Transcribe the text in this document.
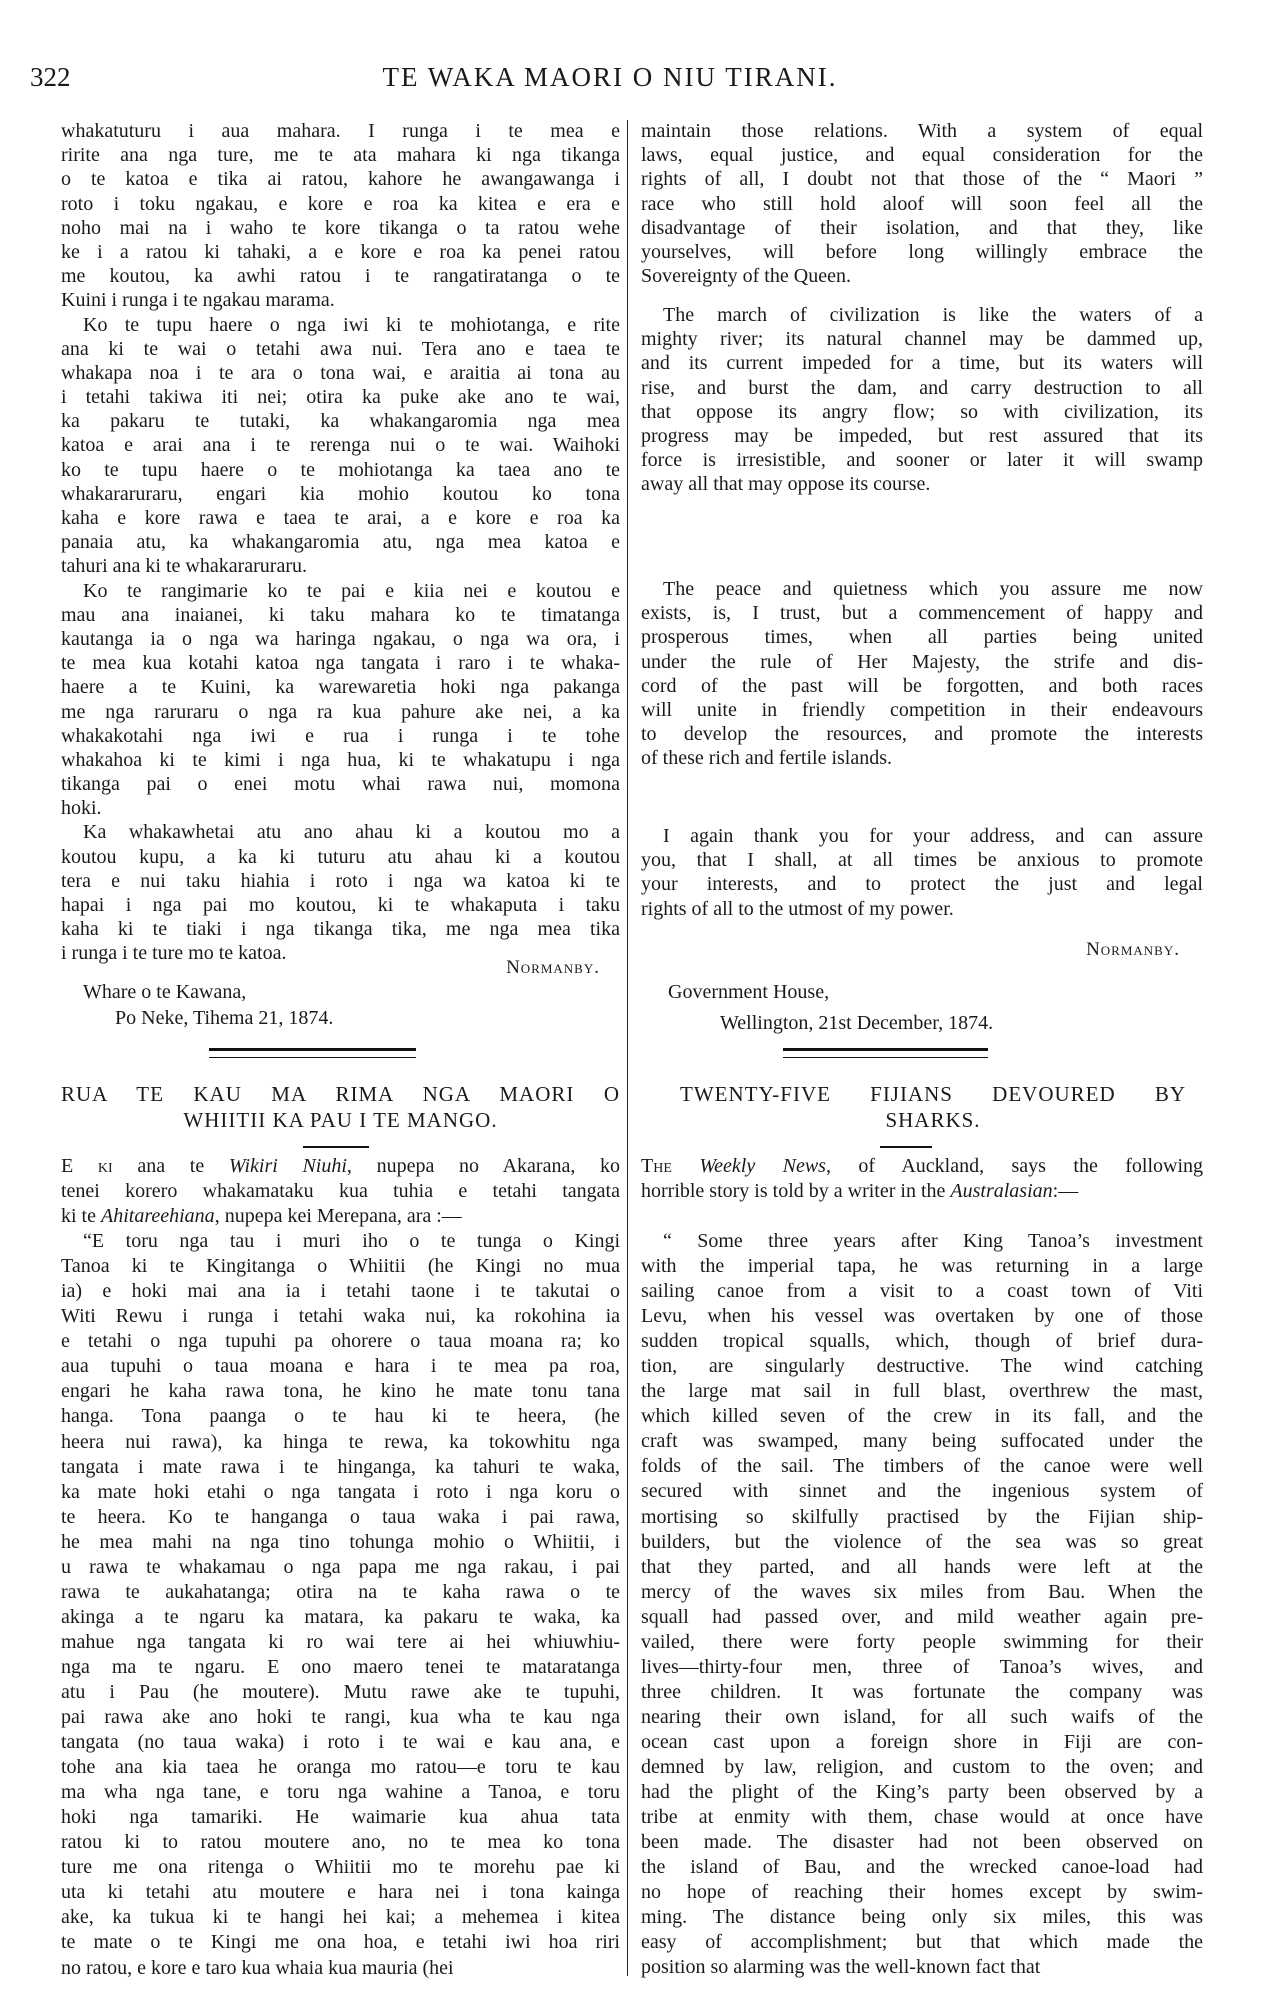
322	TE WAKA MAORI O NIU TIRANI.
whakatuturu i aua mahara. I runga i te mea e
ririte ana nga ture, me te ata mahara ki nga tikanga
o te katoa e tika ai ratou, kahore he awangawanga i
roto i toku ngakau, e kore e roa ka kitea e era e
noho mai na i waho te kore tikanga o ta ratou wehe
ke i a ratou ki tahaki, a e kore e roa ka penei ratou
me koutou, ka awhi ratou i te rangatiratanga o te
Kuini i runga i te ngakau marama.
Ko te tupu haere o nga iwi ki te mohiotanga, e rite
ana ki te wai o tetahi awa nui. Tera ano e taea te
whakapa noa i te ara o tona wai, e araitia ai tona au
i tetahi takiwa iti nei; otira ka puke ake ano te wai,
ka pakaru te tutaki, ka whakangaromia nga mea
katoa e arai ana i te rerenga nui o te wai. Waihoki
ko te tupu haere o te mohiotanga ka taea ano te
whakararuraru, engari kia mohio koutou ko tona
kaha e kore rawa e taea te arai, a e kore e roa ka
panaia atu, ka whakangaromia atu, nga mea katoa e
tahuri ana ki te whakararuraru.
Ko te rangimarie ko te pai e kiia nei e koutou e
mau ana inaianei, ki taku mahara ko te timatanga
kautanga ia o nga wa haringa ngakau, o nga wa ora, i
te mea kua kotahi katoa nga tangata i raro i te whaka-
haere a te Kuini, ka warewaretia hoki nga pakanga
me nga raruraru o nga ra kua pahure ake nei, a ka
whakakotahi nga iwi e rua i runga i te tohe
whakahoa ki te kimi i nga hua, ki te whakatupu i nga
tikanga pai o enei motu whai rawa nui, momona
hoki.
Ka whakawhetai atu ano ahau ki a koutou mo a
koutou kupu, a ka ki tuturu atu ahau ki a koutou
tera e nui taku hiahia i roto i nga wa katoa ki te
hapai i nga pai mo koutou, ki te whakaputa i taku
kaha ki te tiaki i nga tikanga tika, me nga mea tika
i runga i te ture mo te katoa.
Normanby.
Whare o te Kawana,
Po Neke, Tihema 21, 1874.
RUA TE KAU MA RIMA NGA MAORI O
WHIITII KA PAU I TE MANGO.
E ki ana te Wikiri Niuhi, nupepa no Akarana, ko
tenei korero whakamataku kua tuhia e tetahi tangata
ki te Ahitareehiana, nupepa kei Merepana, ara :—
“E toru nga tau i muri iho o te tunga o Kingi
Tanoa ki te Kingitanga o Whiitii (he Kingi no mua
ia) e hoki mai ana ia i tetahi taone i te takutai o
Witi Rewu i runga i tetahi waka nui, ka rokohina ia
e tetahi o nga tupuhi pa ohorere o taua moana ra; ko
aua tupuhi o taua moana e hara i te mea pa roa,
engari he kaha rawa tona, he kino he mate tonu tana
hanga. Tona paanga o te hau ki te heera, (he
heera nui rawa), ka hinga te rewa, ka tokowhitu nga
tangata i mate rawa i te hinganga, ka tahuri te waka,
ka mate hoki etahi o nga tangata i roto i nga koru o
te heera. Ko te hanganga o taua waka i pai rawa,
he mea mahi na nga tino tohunga mohio o Whiitii, i
u rawa te whakamau o nga papa me nga rakau, i pai
rawa te aukahatanga; otira na te kaha rawa o te
akinga a te ngaru ka matara, ka pakaru te waka, ka
mahue nga tangata ki ro wai tere ai hei whiuwhiu-
nga ma te ngaru. E ono maero tenei te mataratanga
atu i Pau (he moutere). Mutu rawe ake te tupuhi,
pai rawa ake ano hoki te rangi, kua wha te kau nga
tangata (no taua waka) i roto i te wai e kau ana, e
tohe ana kia taea he oranga mo ratou—e toru te kau
ma wha nga tane, e toru nga wahine a Tanoa, e toru
hoki nga tamariki. He waimarie kua ahua tata
ratou ki to ratou moutere ano, no te mea ko tona
ture me ona ritenga o Whiitii mo te morehu pae ki
uta ki tetahi atu moutere e hara nei i tona kainga
ake, ka tukua ki te hangi hei kai; a mehemea i kitea
te mate o te Kingi me ona hoa, e tetahi iwi hoa riri
no ratou, e kore e taro kua whaia kua mauria (hei
maintain those relations. With a system of equal
laws, equal justice, and equal consideration for the
rights of all, I doubt not that those of the “ Maori ”
race who still hold aloof will soon feel all the
disadvantage of their isolation, and that they, like
yourselves, will before long willingly embrace the
Sovereignty of the Queen.
The march of civilization is like the waters of a
mighty river; its natural channel may be dammed up,
and its current impeded for a time, but its waters will
rise, and burst the dam, and carry destruction to all
that oppose its angry flow; so with civilization, its
progress may be impeded, but rest assured that its
force is irresistible, and sooner or later it will swamp
away all that may oppose its course.
The peace and quietness which you assure me now
exists, is, I trust, but a commencement of happy and
prosperous times, when all parties being united
under the rule of Her Majesty, the strife and dis-
cord of the past will be forgotten, and both races
will unite in friendly competition in their endeavours
to develop the resources, and promote the interests
of these rich and fertile islands.
I again thank you for your address, and can assure
you, that I shall, at all times be anxious to promote
your interests, and to protect the just and legal
rights of all to the utmost of my power.
Normanby.
Government House,
Wellington, 21st December, 1874.
TWENTY-FIVE FIJIANS DEVOURED BY
SHARKS.
The Weekly News, of Auckland, says the following
horrible story is told by a writer in the Australasian:—
“ Some three years after King Tanoa’s investment
with the imperial tapa, he was returning in a large
sailing canoe from a visit to a coast town of Viti
Levu, when his vessel was overtaken by one of those
sudden tropical squalls, which, though of brief dura-
tion, are singularly destructive. The wind catching
the large mat sail in full blast, overthrew the mast,
which killed seven of the crew in its fall, and the
craft was swamped, many being suffocated under the
folds of the sail. The timbers of the canoe were well
secured with sinnet and the ingenious system of
mortising so skilfully practised by the Fijian ship-
builders, but the violence of the sea was so great
that they parted, and all hands were left at the
mercy of the waves six miles from Bau. When the
squall had passed over, and mild weather again pre-
vailed, there were forty people swimming for their
lives—thirty-four men, three of Tanoa’s wives, and
three children. It was fortunate the company was
nearing their own island, for all such waifs of the
ocean cast upon a foreign shore in Fiji are con-
demned by law, religion, and custom to the oven; and
had the plight of the King’s party been observed by a
tribe at enmity with them, chase would at once have
been made. The disaster had not been observed on
the island of Bau, and the wrecked canoe-load had
no hope of reaching their homes except by swim-
ming. The distance being only six miles, this was
easy of accomplishment; but that which made the
position so alarming was the well-known fact that
